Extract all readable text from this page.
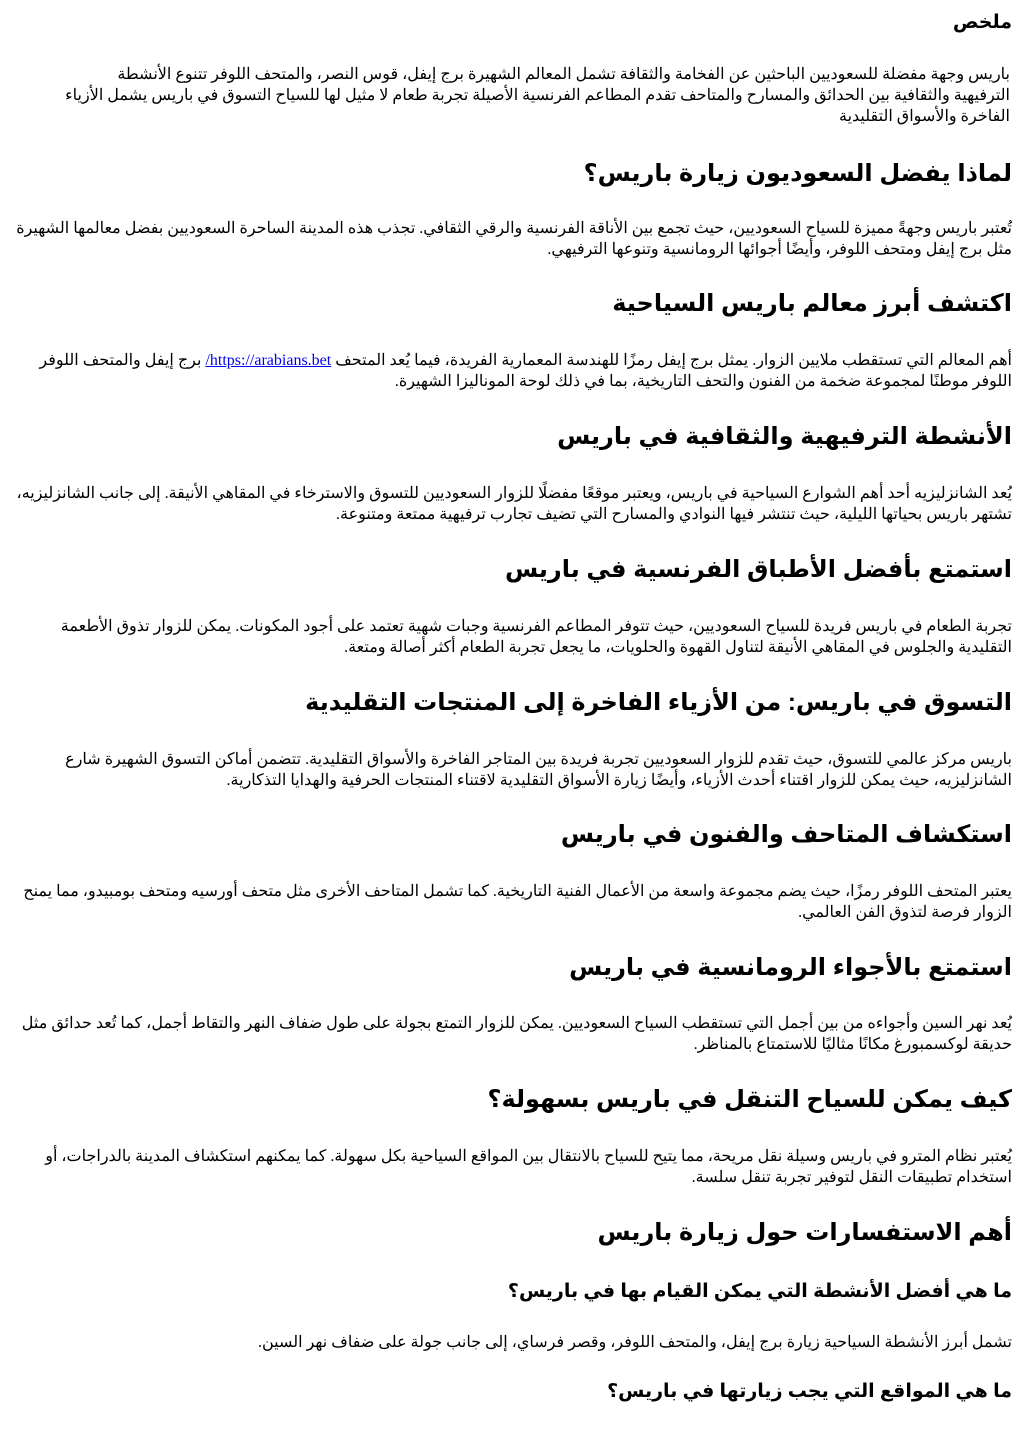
ملخص

باريس وجهة مفضلة للسعوديين الباحثين عن الفخامة والثقافة تشمل المعالم الشهيرة برج إيفل، قوس النصر، والمتحف اللوفر تتنوع الأنشطة الترفيهية والثقافية بين الحدائق والمسارح والمتاحف تقدم المطاعم الفرنسية الأصيلة تجربة طعام لا مثيل لها للسياح التسوق في باريس يشمل الأزياء الفاخرة والأسواق التقليدية

لماذا يفضل السعوديون زيارة باريس؟

تُعتبر باريس وجهةً مميزة للسياح السعوديين، حيث تجمع بين الأناقة الفرنسية والرقي الثقافي. تجذب هذه المدينة الساحرة السعوديين بفضل معالمها الشهيرة مثل برج إيفل ومتحف اللوفر، وأيضًا أجوائها الرومانسية وتنوعها الترفيهي.

اكتشف أبرز معالم باريس السياحية

أهم المعالم التي تستقطب ملايين الزوار. يمثل برج إيفل رمزًا للهندسة المعمارية الفريدة، فيما يُعد المتحف https://arabians.bet/ برج إيفل والمتحف اللوفر اللوفر موطنًا لمجموعة ضخمة من الفنون والتحف التاريخية، بما في ذلك لوحة الموناليزا الشهيرة.

الأنشطة الترفيهية والثقافية في باريس

يُعد الشانزليزيه أحد أهم الشوارع السياحية في باريس، ويعتبر موقعًا مفضلًا للزوار السعوديين للتسوق والاسترخاء في المقاهي الأنيقة. إلى جانب الشانزليزيه، تشتهر باريس بحياتها الليلية، حيث تنتشر فيها النوادي والمسارح التي تضيف تجارب ترفيهية ممتعة ومتنوعة.

استمتع بأفضل الأطباق الفرنسية في باريس

تجربة الطعام في باريس فريدة للسياح السعوديين، حيث تتوفر المطاعم الفرنسية وجبات شهية تعتمد على أجود المكونات. يمكن للزوار تذوق الأطعمة التقليدية والجلوس في المقاهي الأنيقة لتناول القهوة والحلويات، ما يجعل تجربة الطعام أكثر أصالة ومتعة.

التسوق في باريس: من الأزياء الفاخرة إلى المنتجات التقليدية

باريس مركز عالمي للتسوق، حيث تقدم للزوار السعوديين تجربة فريدة بين المتاجر الفاخرة والأسواق التقليدية. تتضمن أماكن التسوق الشهيرة شارع الشانزليزيه، حيث يمكن للزوار اقتناء أحدث الأزياء، وأيضًا زيارة الأسواق التقليدية لاقتناء المنتجات الحرفية والهدايا التذكارية.

استكشاف المتاحف والفنون في باريس

يعتبر المتحف اللوفر رمزًا، حيث يضم مجموعة واسعة من الأعمال الفنية التاريخية. كما تشمل المتاحف الأخرى مثل متحف أورسيه ومتحف بومبيدو، مما يمنح الزوار فرصة لتذوق الفن العالمي.

استمتع بالأجواء الرومانسية في باريس

يُعد نهر السين وأجواءه من بين أجمل التي تستقطب السياح السعوديين. يمكن للزوار التمتع بجولة على طول ضفاف النهر والتقاط أجمل، كما تُعد حدائق مثل حديقة لوكسمبورغ مكانًا مثاليًا للاستمتاع بالمناظر.

كيف يمكن للسياح التنقل في باريس بسهولة؟

يُعتبر نظام المترو في باريس وسيلة نقل مريحة، مما يتيح للسياح بالانتقال بين المواقع السياحية بكل سهولة. كما يمكنهم استكشاف المدينة بالدراجات، أو استخدام تطبيقات النقل لتوفير تجربة تنقل سلسة.

أهم الاستفسارات حول زيارة باريس
ما هي أفضل الأنشطة التي يمكن القيام بها في باريس؟

تشمل أبرز الأنشطة السياحية زيارة برج إيفل، والمتحف اللوفر، وقصر فرساي، إلى جانب جولة على ضفاف نهر السين.

ما هي المواقع التي يجب زيارتها في باريس؟
